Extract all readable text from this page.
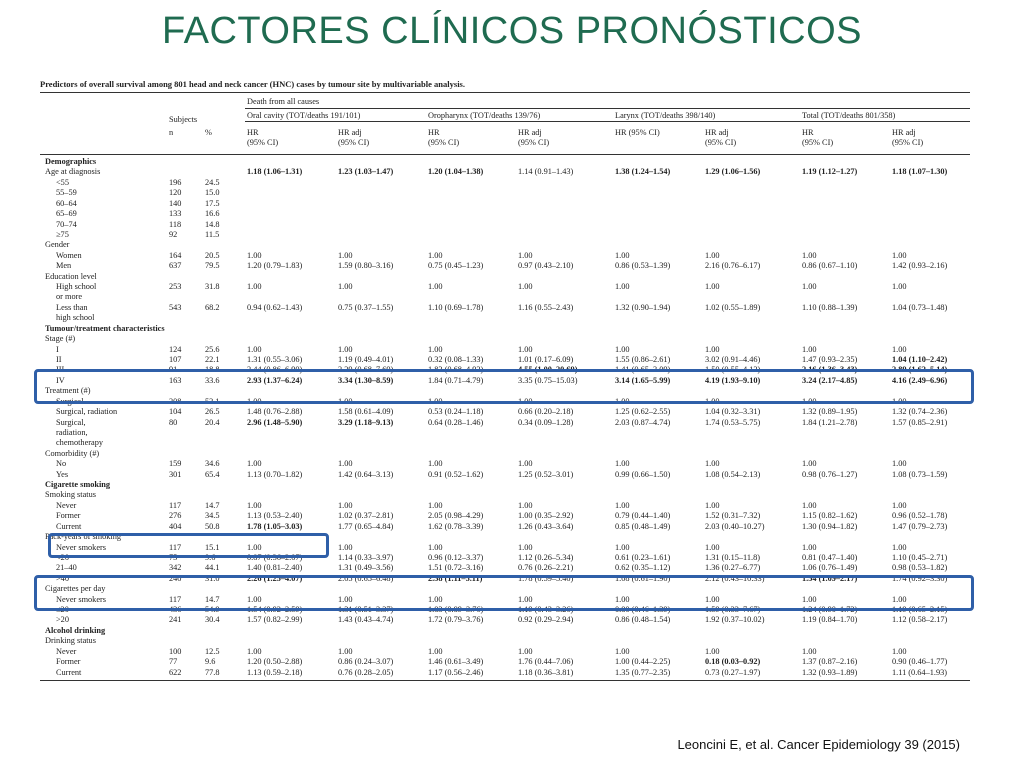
FACTORES CLÍNICOS PRONÓSTICOS
Predictors of overall survival among 801 head and neck cancer (HNC) cases by tumour site by multivariable analysis.
Death from all causes
Subjects
n	%
Oral cavity (TOT/deaths 191/101)	Oropharynx (TOT/deaths 139/76)	Larynx (TOT/deaths 398/140)	Total (TOT/deaths 801/358)
HR
(95% CI)
HR adj
(95% CI)
HR
(95% CI)
HR adj
(95% CI)
HR (95% CI)	HR adj
(95% CI)
HR
(95% CI)
HR adj
(95% CI)
Demographics
Age at diagnosis	1.18 (1.06–1.31)	1.23 (1.03–1.47)	1.20 (1.04–1.38)	1.14 (0.91–1.43)	1.38 (1.24–1.54)	1.29 (1.06–1.56)	1.19 (1.12–1.27)	1.18 (1.07–1.30)
<55	196	24.5
55–59	120	15.0
60–64	140	17.5
65–69	133	16.6
70–74	118	14.8
≥75	92	11.5
Gender
Women	164	20.5	1.00	1.00	1.00	1.00	1.00	1.00	1.00	1.00
Men	637	79.5	1.20 (0.79–1.83)	1.59 (0.80–3.16)	0.75 (0.45–1.23)	0.97 (0.43–2.10)	0.86 (0.53–1.39)	2.16 (0.76–6.17)	0.86 (0.67–1.10)	1.42 (0.93–2.16)
Education level
High school	253	31.8	1.00	1.00	1.00	1.00	1.00	1.00	1.00	1.00
or more
Less than	543	68.2	0.94 (0.62–1.43)	0.75 (0.37–1.55)	1.10 (0.69–1.78)	1.16 (0.55–2.43)	1.32 (0.90–1.94)	1.02 (0.55–1.89)	1.10 (0.88–1.39)	1.04 (0.73–1.48)
high school
Tumour/treatment characteristics
Stage (#)
I	124	25.6	1.00	1.00	1.00	1.00	1.00	1.00	1.00	1.00
II	107	22.1	1.31 (0.55–3.06)	1.19 (0.49–4.01)	0.32 (0.08–1.33)	1.01 (0.17–6.09)	1.55 (0.86–2.61)	3.02 (0.91–4.46)	1.47 (0.93–2.35)	1.04 (1.10–2.42)
III	91	18.8	2.44 (0.86–6.90)	2.29 (0.68–7.69)	1.83 (0.68–4.92)	4.55 (1.00–20.69)	1.41 (0.65–3.09)	1.50 (0.55–4.12)	2.16 (1.36–3.43)	2.89 (1.62–5.14)
IV	163	33.6	2.93 (1.37–6.24)	3.34 (1.30–8.59)	1.84 (0.71–4.79)	3.35 (0.75–15.03)	3.14 (1.65–5.99)	4.19 (1.93–9.10)	3.24 (2.17–4.85)	4.16 (2.49–6.96)
Treatment (#)
Surgical	208	53.1	1.00	1.00	1.00	1.00	1.00	1.00	1.00	1.00
Surgical, radiation	104	26.5	1.48 (0.76–2.88)	1.58 (0.61–4.09)	0.53 (0.24–1.18)	0.66 (0.20–2.18)	1.25 (0.62–2.55)	1.04 (0.32–3.31)	1.32 (0.89–1.95)	1.32 (0.74–2.36)
Surgical,	80	20.4	2.96 (1.48–5.90)	3.29 (1.18–9.13)	0.64 (0.28–1.46)	0.34 (0.09–1.28)	2.03 (0.87–4.74)	1.74 (0.53–5.75)	1.84 (1.21–2.78)	1.57 (0.85–2.91)
radiation,
chemotherapy
Comorbidity (#)
No	159	34.6	1.00	1.00	1.00	1.00	1.00	1.00	1.00	1.00
Yes	301	65.4	1.13 (0.70–1.82)	1.42 (0.64–3.13)	0.91 (0.52–1.62)	1.25 (0.52–3.01)	0.99 (0.66–1.50)	1.08 (0.54–2.13)	0.98 (0.76–1.27)	1.08 (0.73–1.59)
Cigarette smoking
Smoking status
Never	117	14.7	1.00	1.00	1.00	1.00	1.00	1.00	1.00	1.00
Former	276	34.5	1.13 (0.53–2.40)	1.02 (0.37–2.81)	2.05 (0.98–4.29)	1.00 (0.35–2.92)	0.79 (0.44–1.40)	1.52 (0.31–7.32)	1.15 (0.82–1.62)	0.96 (0.52–1.78)
Current	404	50.8	1.78 (1.05–3.03)	1.77 (0.65–4.84)	1.62 (0.78–3.39)	1.26 (0.43–3.64)	0.85 (0.48–1.49)	2.03 (0.40–10.27)	1.30 (0.94–1.82)	1.47 (0.79–2.73)
Pack-years of smoking
Never smokers	117	15.1	1.00	1.00	1.00	1.00	1.00	1.00	1.00	1.00
<20	75	9.6	0.87 (0.36–2.07)	1.14 (0.33–3.97)	0.96 (0.12–3.37)	1.12 (0.26–5.34)	0.61 (0.23–1.61)	1.31 (0.15–11.8)	0.81 (0.47–1.40)	1.10 (0.45–2.71)
21–40	342	44.1	1.40 (0.81–2.40)	1.31 (0.49–3.56)	1.51 (0.72–3.16)	0.76 (0.26–2.21)	0.62 (0.35–1.12)	1.36 (0.27–6.77)	1.06 (0.76–1.49)	0.98 (0.53–1.82)
>40	240	31.0	2.26 (1.25–4.07)	2.05 (0.65–6.48)	2.38 (1.11–5.11)	1.78 (0.59–5.40)	1.08 (0.61–1.90)	2.12 (0.43–10.33)	1.54 (1.09–2.17)	1.74 (0.92–3.30)
Cigarettes per day
Never smokers	117	14.7	1.00	1.00	1.00	1.00	1.00	1.00	1.00	1.00
≤20	436	54.9	1.54 (0.92–2.59)	1.31 (0.51–3.37)	1.83 (0.89–3.76)	1.19 (0.43–3.26)	0.80 (0.46–1.39)	1.59 (0.33–7.67)	1.24 (0.90–1.72)	1.19 (0.65–2.15)
>20	241	30.4	1.57 (0.82–2.99)	1.43 (0.43–4.74)	1.72 (0.79–3.76)	0.92 (0.29–2.94)	0.86 (0.48–1.54)	1.92 (0.37–10.02)	1.19 (0.84–1.70)	1.12 (0.58–2.17)
Alcohol drinking
Drinking status
Never	100	12.5	1.00	1.00	1.00	1.00	1.00	1.00	1.00	1.00
Former	77	9.6	1.20 (0.50–2.88)	0.86 (0.24–3.07)	1.46 (0.61–3.49)	1.76 (0.44–7.06)	1.00 (0.44–2.25)	0.18 (0.03–0.92)	1.37 (0.87–2.16)	0.90 (0.46–1.77)
Current	622	77.8	1.13 (0.59–2.18)	0.76 (0.28–2.05)	1.17 (0.56–2.46)	1.18 (0.36–3.81)	1.35 (0.77–2.35)	0.73 (0.27–1.97)	1.32 (0.93–1.89)	1.11 (0.64–1.93)
Leoncini E, et al. Cancer Epidemiology 39 (2015)
